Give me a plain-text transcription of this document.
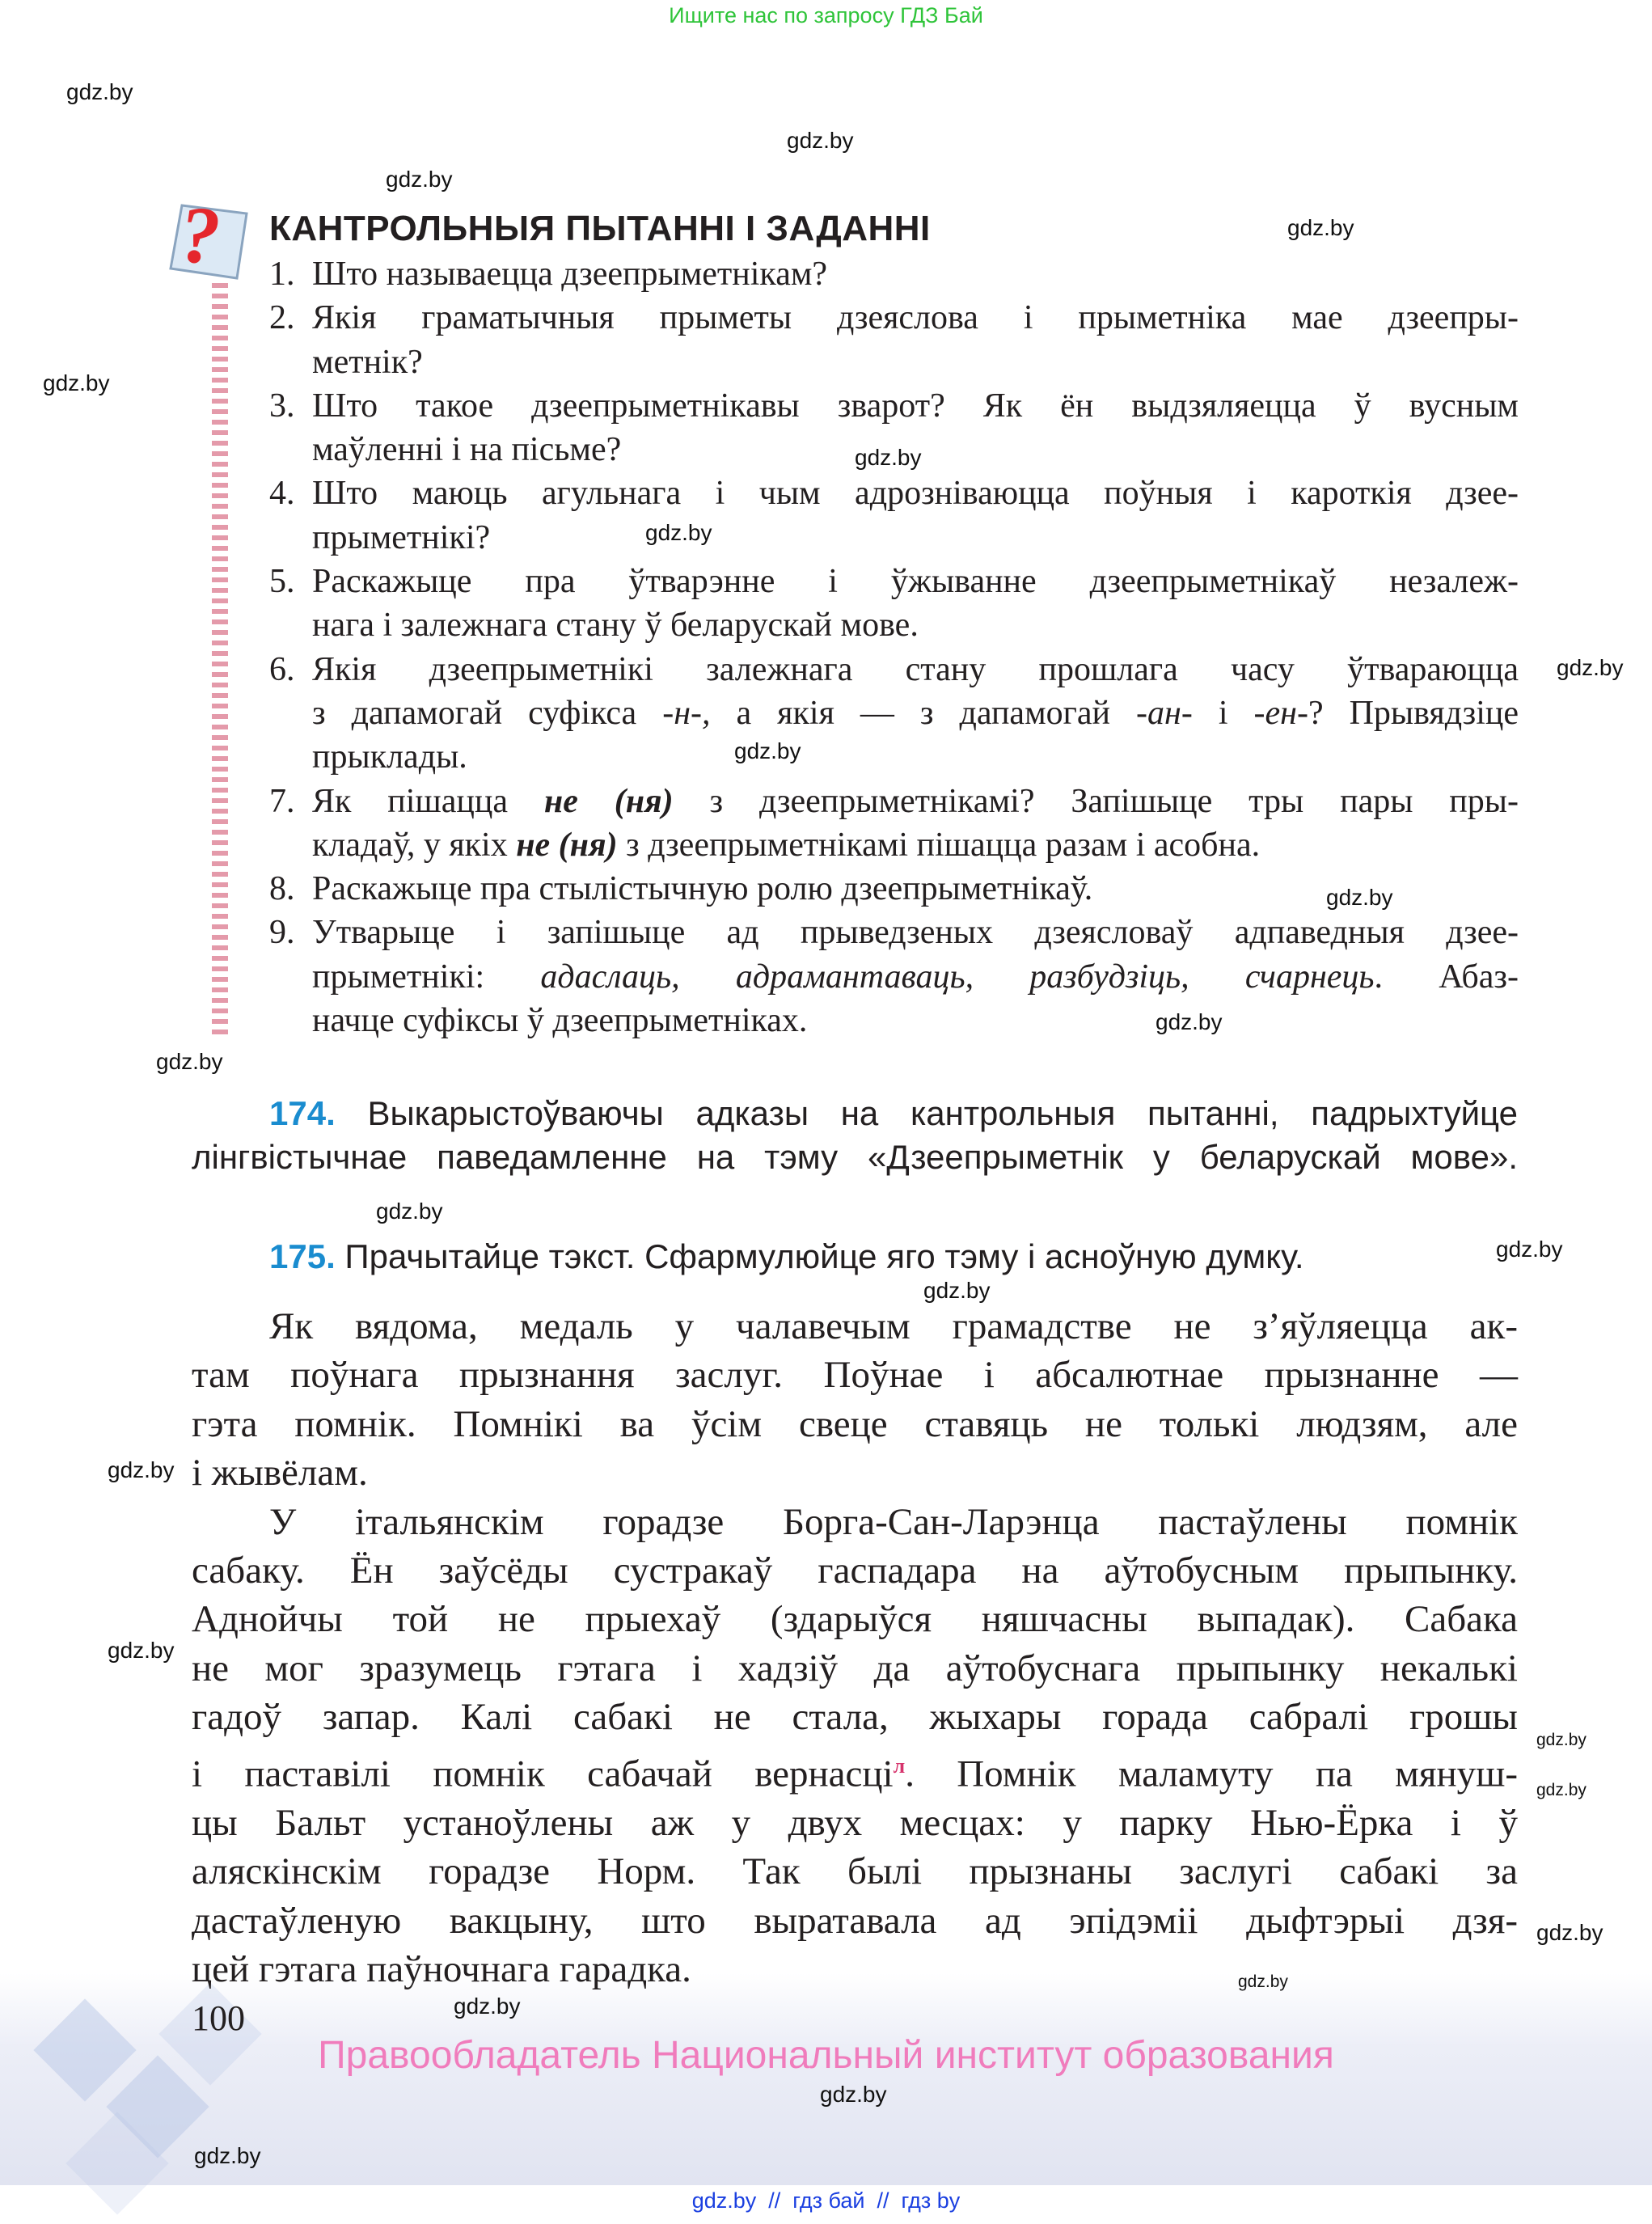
Ищите нас по запросу ГДЗ Бай
? КАНТРОЛЬНЫЯ ПЫТАННІ І ЗАДАННІ
1. Што называецца дзеепрыметнікам?
2. Якія граматычныя прыметы дзеяслова і прыметніка мае дзеепры-
метнік?
3. Што такое дзеепрыметнікавы зварот? Як ён выдзяляецца ў вусным
маўленні і на пісьме?
4. Што маюць агульнага і чым адрозніваюцца поўныя і кароткія дзее-
прыметнікі?
5. Раскажыце пра ўтварэнне і ўжыванне дзеепрыметнікаў незалеж-
нага і залежнага стану ў беларускай мове.
6. Якія дзеепрыметнікі залежнага стану прошлага часу ўтвараюцца
з дапамогай суфікса -н-, а якія — з дапамогай -ан- і -ен-? Прывядзіце
прыклады.
7. Як пішацца не (ня) з дзеепрыметнікамі? Запішыце тры пары пры-
кладаў, у якіх не (ня) з дзеепрыметнікамі пішацца разам і асобна.
8. Раскажыце пра стылістычную ролю дзеепрыметнікаў.
9. Утварыце і запішыце ад прыведзеных дзеясловаў адпаведныя дзее-
прыметнікі: адаслаць, адрамантаваць, разбудзіць, счарнець. Абаз-
начце суфіксы ў дзеепрыметніках.
174. Выкарыстоўваючы адказы на кантрольныя пытанні, падрыхтуйце
лінгвістычнае паведамленне на тэму «Дзеепрыметнік у беларускай мове».
175. Прачытайце тэкст. Сфармулюйце яго тэму і асноўную думку.
Як вядома, медаль у чалавечым грамадстве не з’яўляецца ак-
там поўнага прызнання заслуг. Поўнае і абсалютнае прызнанне —
гэта помнік. Помнікі ва ўсім свеце ставяць не толькі людзям, але
і жывёлам.
У італьянскім горадзе Борга-Сан-Ларэнца пастаўлены помнік
сабаку. Ён заўсёды сустракаў гаспадара на аўтобусным прыпынку.
Аднойчы той не прыехаў (здарыўся няшчасны выпадак). Сабака
не мог зразумець гэтага і хадзіў да аўтобуснага прыпынку некалькі
гадоў запар. Калі сабакі не стала, жыхары горада сабралі грошы
і паставілі помнік сабачай вернасці$^л$. Помнік маламуту па мянуш-
цы Бальт устаноўлены аж у двух месцах: у парку Нью-Ёрка і ў
аляскінскім горадзе Норм. Так былі прызнаны заслугі сабакі за
дастаўленую вакцыну, што выратавала ад эпідэміі дыфтэрыі дзя-
цей гэтага паўночнага гарадка.
100
Правообладатель Национальный институт образования
gdz.by  //  гдз бай  //  гдз by
gdz.by
gdz.by
gdz.by
gdz.by
gdz.by
gdz.by
gdz.by
gdz.by
gdz.by
gdz.by
gdz.by
gdz.by
gdz.by
gdz.by
gdz.by
gdz.by
gdz.by
gdz.by
gdz.by
gdz.by
gdz.by
gdz.by
gdz.by
gdz.by
